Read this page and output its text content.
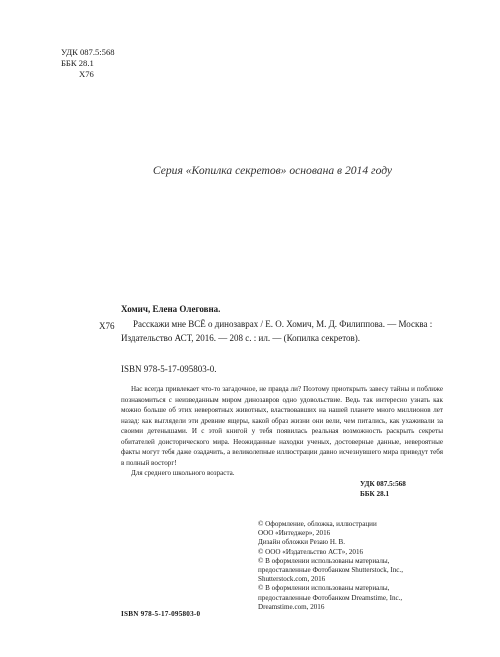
УДК 087.5:568
ББК 28.1
Х76
Серия «Копилка секретов» основана в 2014 году
Хомич, Елена Олеговна.
Х76	Расскажи мне ВСЁ о динозаврах / Е. О. Хомич, М. Д. Филиппова. — Москва : Издательство АСТ, 2016. — 208 с. : ил. — (Копилка секретов).
ISBN 978-5-17-095803-0.
Нас всегда привлекает что-то загадочное, не правда ли? Поэтому приоткрыть завесу тайны и поближе познакомиться с неизведанным миром динозавров одно удовольствие. Ведь так интересно узнать как можно больше об этих невероятных животных, властвовавших на нашей планете много миллионов лет назад: как выглядели эти древние ящеры, какой образ жизни они вели, чем питались, как ухаживали за своими детенышами. И с этой книгой у тебя появилась реальная возможность раскрыть секреты обитателей доисторического мира. Неожиданные находки ученых, достоверные данные, невероятные факты могут тебя даже озадачить, а великолепные иллюстрации давно исчезнувшего мира приведут тебя в полный восторг!
Для среднего школьного возраста.
УДК 087.5:568
ББК 28.1
© Оформление, обложка, иллюстрации
ООО «Интеджер», 2016
Дизайн обложки Резаю Н. В.
© ООО «Издательство АСТ», 2016
© В оформлении использованы материалы,
предоставленные Фотобанком Shutterstock, Inc.,
Shutterstock.com, 2016
© В оформлении использованы материалы,
предоставленные Фотобанком Dreamstime, Inc.,
Dreamstime.com, 2016
ISBN 978-5-17-095803-0
